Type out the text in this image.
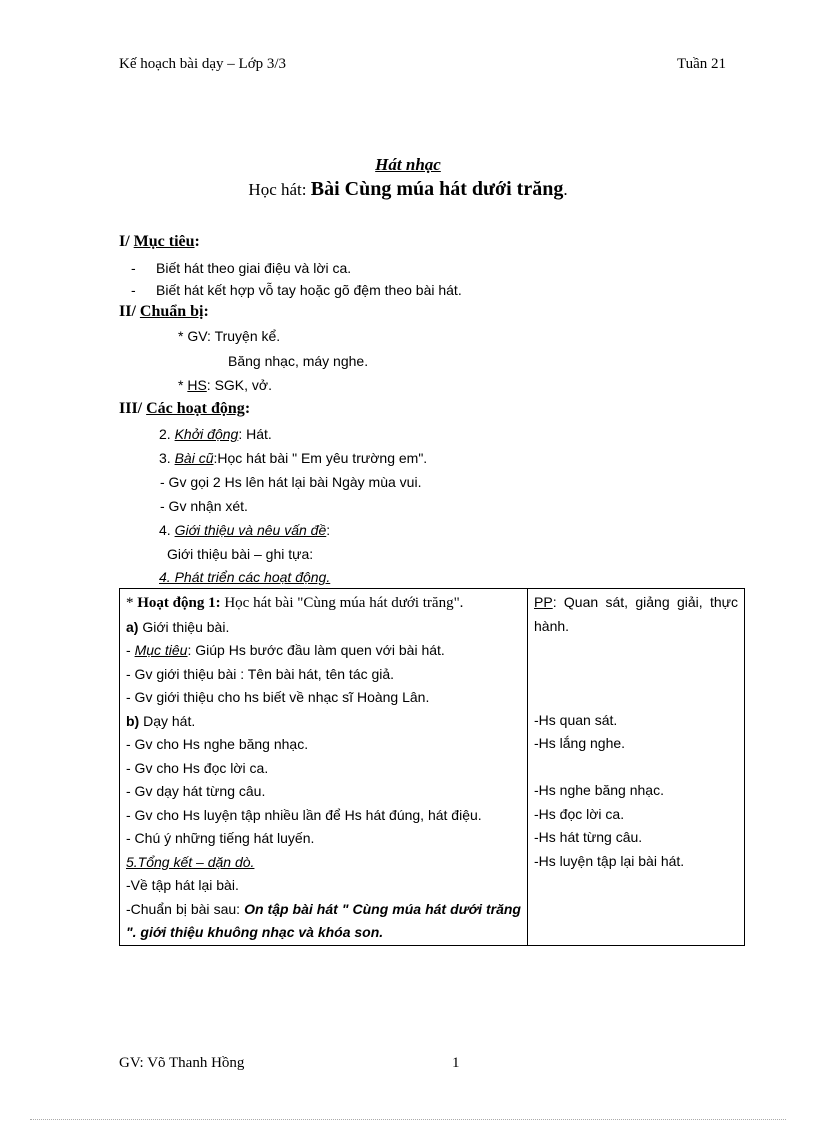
Kế hoạch bài dạy – Lớp 3/3	Tuần 21
Hát nhạc
Học hát: Bài Cùng múa hát dưới trăng.
I/ Mục tiêu:
- Biết hát theo giai điệu và lời ca.
- Biết hát kết hợp vỗ tay hoặc gõ đệm theo bài hát.
II/ Chuẩn bị:
* GV: Truyện kể.
Băng nhạc, máy nghe.
* HS: SGK, vở.
III/ Các hoạt động:
2. Khởi động: Hát.
3. Bài cũ:Học hát bài " Em yêu trường em".
- Gv gọi 2 Hs lên hát lại bài Ngày mùa vui.
- Gv nhận xét.
4. Giới thiệu và nêu vấn đề:
Giới thiệu bài – ghi tựa:
4. Phát triển các hoạt động.
* Hoạt động 1: Học hát bài "Cùng múa hát dưới trăng".
a) Giới thiệu bài.
- Mục tiêu: Giúp Hs bước đầu làm quen với bài hát.
- Gv giới thiệu bài : Tên bài hát, tên tác giả.
- Gv giới thiệu cho hs biết về nhạc sĩ Hoàng Lân.
b) Dạy hát.
- Gv cho Hs nghe băng nhạc.
- Gv cho Hs đọc lời ca.
- Gv dạy hát từng câu.
- Gv cho Hs luyện tập nhiều lần để Hs hát đúng, hát điệu.
- Chú ý những tiếng hát luyến.
5.Tổng kết – dặn dò.
-Về tập hát lại bài.
-Chuẩn bị bài sau: On tập bài hát " Cùng múa hát dưới trăng ". giới thiệu khuông nhạc và khóa son.

PP: Quan sát, giảng giải, thực hành.
-Hs quan sát.
-Hs lắng nghe.
-Hs nghe băng nhạc.
-Hs đọc lời ca.
-Hs hát từng câu.
-Hs luyện tập lại bài hát.
GV: Võ Thanh Hồng	1
